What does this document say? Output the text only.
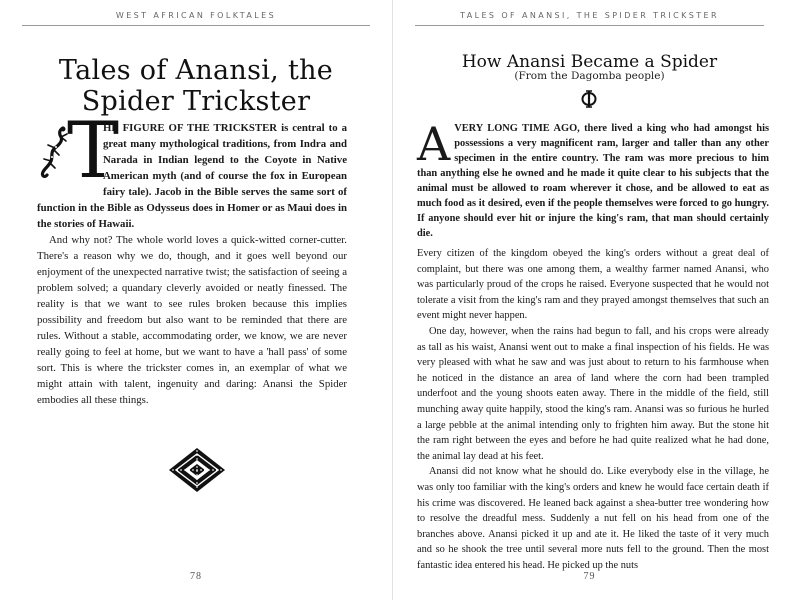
WEST AFRICAN FOLKTALES
Tales of Anansi, the
Spider Trickster
T

HE FIGURE OF THE TRICKSTER is central to a great many mythological traditions, from Indra and Narada in Indian legend to the Coyote in Native American myth (and of course the fox in European fairy tale). Jacob in the Bible serves the same sort of function in the Bible as Odysseus does in Homer or as Maui does in the stories of Hawaii.

And why not? The whole world loves a quick-witted corner-cutter. There's a reason why we do, though, and it goes well beyond our enjoyment of the unexpected narrative twist; the satisfaction of seeing a problem solved; a quandary cleverly avoided or neatly finessed. The reality is that we want to see rules broken because this implies possibility and freedom but also want to be reminded that there are rules. Without a stable, accommodating order, we know, we are never really going to feel at home, but we want to have a 'hall pass' of some sort. This is where the trickster comes in, an exemplar of what we might attain with talent, ingenuity and daring: Anansi the Spider embodies all these things.

78
TALES OF ANANSI, THE SPIDER TRICKSTER
How Anansi Became a Spider
(From the Dagomba people)
A VERY LONG TIME AGO, there lived a king who had amongst his possessions a very magnificent ram, larger and taller than any other specimen in the entire country. The ram was more precious to him than anything else he owned and he made it quite clear to his subjects that the animal must be allowed to roam wherever it chose, and be allowed to eat as much food as it desired, even if the people themselves were forced to go hungry. If anyone should ever hit or injure the king's ram, that man should certainly die.

Every citizen of the kingdom obeyed the king's orders without a great deal of complaint, but there was one among them, a wealthy farmer named Anansi, who was particularly proud of the crops he raised. Everyone suspected that he would not tolerate a visit from the king's ram and they prayed amongst themselves that such an event might never happen.

One day, however, when the rains had begun to fall, and his crops were already as tall as his waist, Anansi went out to make a final inspection of his fields. He was very pleased with what he saw and was just about to return to his farmhouse when he noticed in the distance an area of land where the corn had been trampled underfoot and the young shoots eaten away. There in the middle of the field, still munching away quite happily, stood the king's ram. Anansi was so furious he hurled a large pebble at the animal intending only to frighten him away. But the stone hit the ram right between the eyes and before he had quite realized what he had done, the animal lay dead at his feet.

Anansi did not know what he should do. Like everybody else in the village, he was only too familiar with the king's orders and knew he would face certain death if his crime was discovered. He leaned back against a shea-butter tree wondering how to resolve the dreadful mess. Suddenly a nut fell on his head from one of the branches above. Anansi picked it up and ate it. He liked the taste of it very much and so he shook the tree until several more nuts fell to the ground. Then the most fantastic idea entered his head. He picked up the nuts

79
